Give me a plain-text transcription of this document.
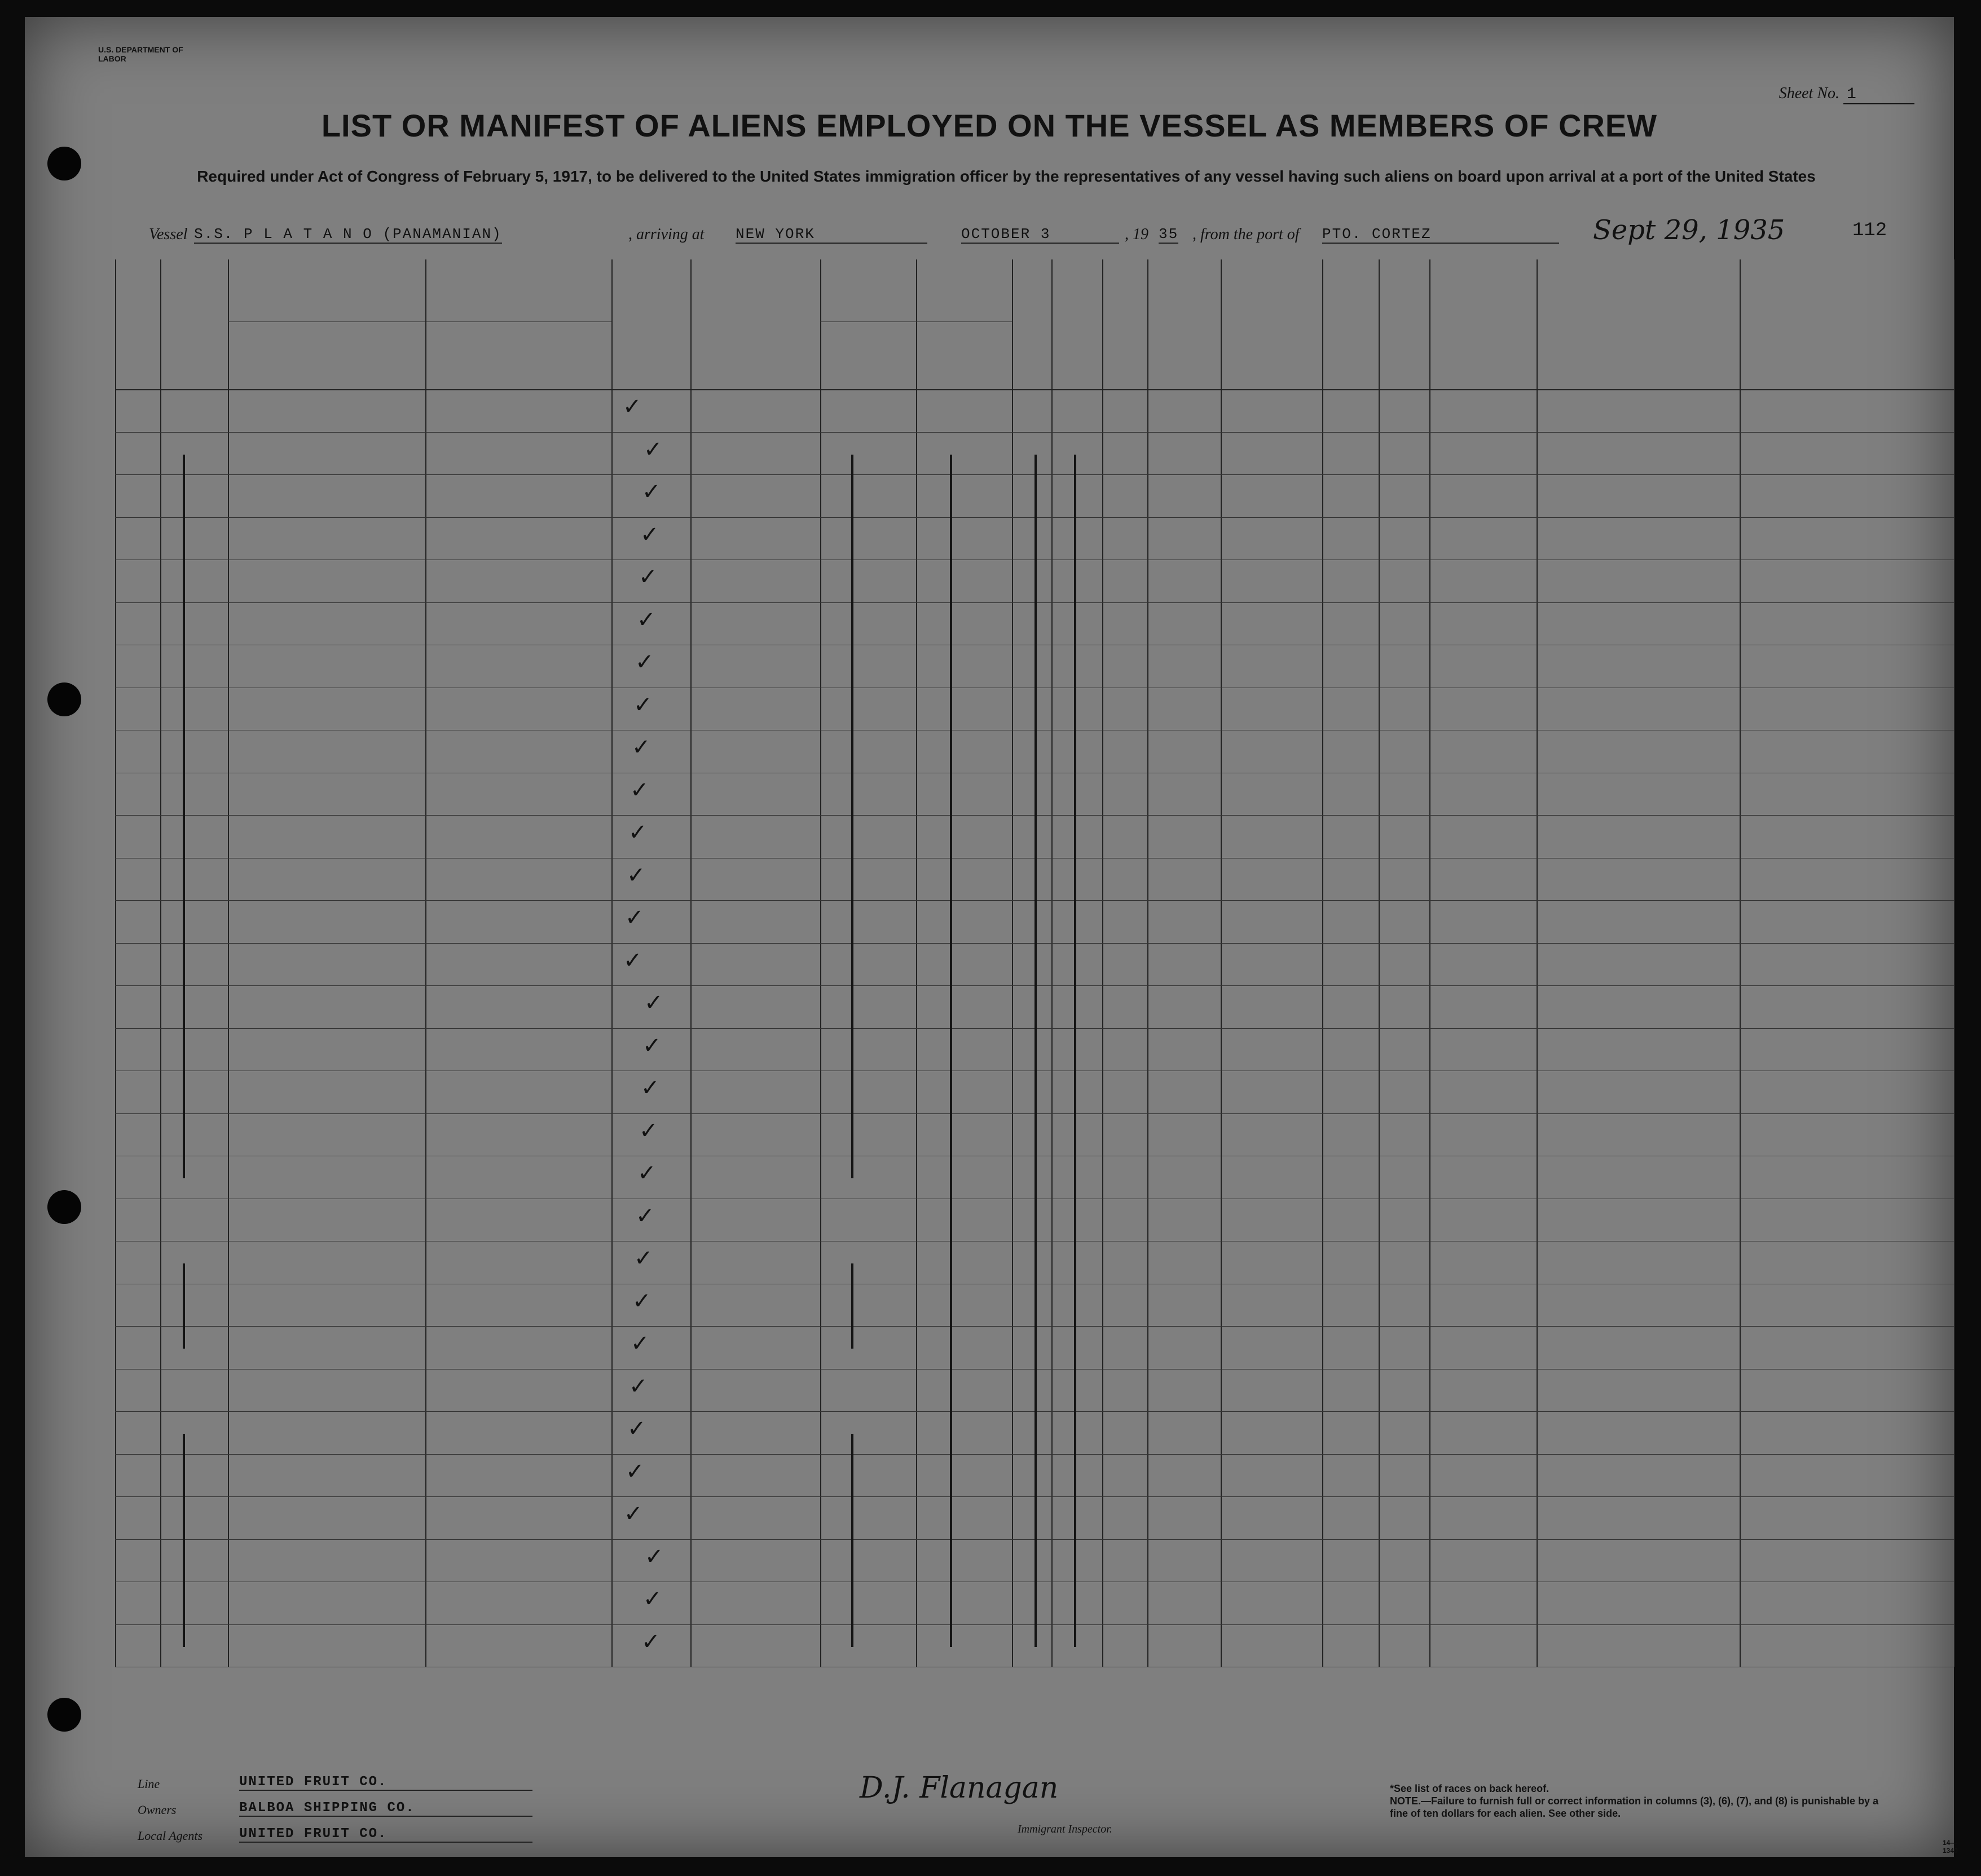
U.S. DEPARTMENT OF LABOR
Sheet No. 1
LIST OR MANIFEST OF ALIENS EMPLOYED ON THE VESSEL AS MEMBERS OF CREW
Required under Act of Congress of February 5, 1917, to be delivered to the United States immigration officer by the representatives of any vessel having such aliens on board upon arrival at a port of the United States
Vessel S.S. P L A T A N O (PANAMANIAN)	, arriving at NEW YORK	OCTOBER 3	, 19 35 , from the port of PTO. CORTEZ	Sept 29, 1935	112
✓
✓
✓
✓
✓
✓
✓
✓
✓
✓
✓
✓
✓
✓
✓
✓
✓
✓
✓
✓
✓
✓
✓
✓
✓
✓
✓
✓
✓
✓
Line	UNITED FRUIT CO.
Owners	BALBOA SHIPPING CO.
Local Agents	UNITED FRUIT CO.
D.J. Flanagan
Immigrant Inspector.
*See list of races on back hereof.
NOTE.—Failure to furnish full or correct information in columns (3), (6), (7), and (8) is punishable by a fine of ten dollars for each alien. See other side.
14—1340
